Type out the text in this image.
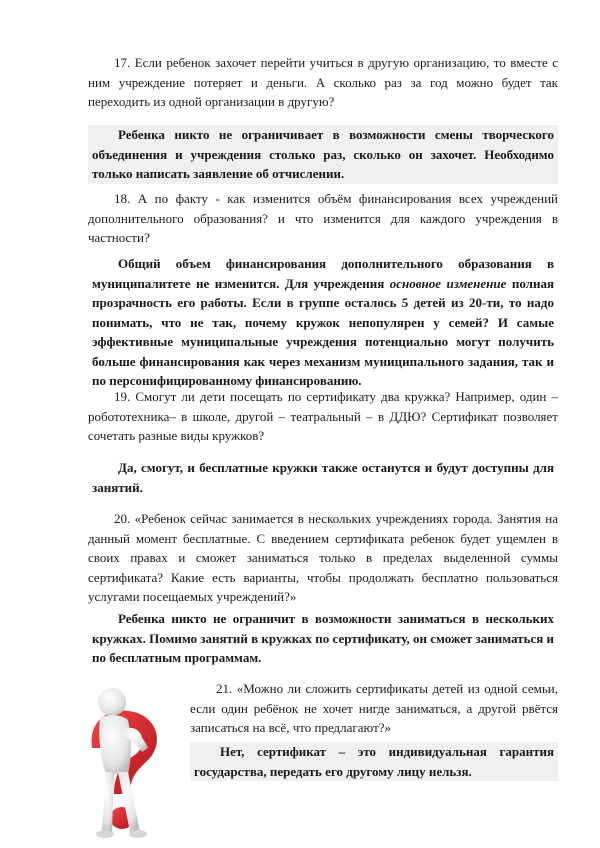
17. Если ребенок захочет перейти учиться в другую организацию, то вместе с ним учреждение потеряет и деньги. А сколько раз за год можно будет так переходить из одной организации в другую?
Ребенка никто не ограничивает в возможности смены творческого объединения и учреждения столько раз, сколько он захочет. Необходимо только написать заявление об отчислении.
18. А по факту - как изменится объём финансирования всех учреждений дополнительного образования? и что изменится для каждого учреждения в частности?
Общий объем финансирования дополнительного образования в муниципалитете не изменится. Для учреждения основное изменение полная прозрачность его работы. Если в группе осталось 5 детей из 20-ти, то надо понимать, что не так, почему кружок непопулярен у семей? И самые эффективные муниципальные учреждения потенциально могут получить больше финансирования как через механизм муниципального задания, так и по персонифицированному финансированию.
19. Смогут ли дети посещать по сертификату два кружка? Например, один – робототехника– в школе, другой – театральный – в ДДЮ? Сертификат позволяет сочетать разные виды кружков?
Да, смогут, и бесплатные кружки также останутся и будут доступны для занятий.
20. «Ребенок сейчас занимается в нескольких учреждениях города. Занятия на данный момент бесплатные. С введением сертификата ребенок будет ущемлен в своих правах и сможет заниматься только в пределах выделенной суммы сертификата? Какие есть варианты, чтобы продолжать бесплатно пользоваться услугами посещаемых учреждений?»
Ребенка никто не ограничит в возможности заниматься в нескольких кружках. Помимо занятий в кружках по сертификату, он сможет заниматься и по бесплатным программам.
21. «Можно ли сложить сертификаты детей из одной семьи, если один ребёнок не хочет нигде заниматься, а другой рвётся записаться на всё, что предлагают?»
Нет, сертификат – это индивидуальная гарантия государства, передать его другому лицу нельзя.
